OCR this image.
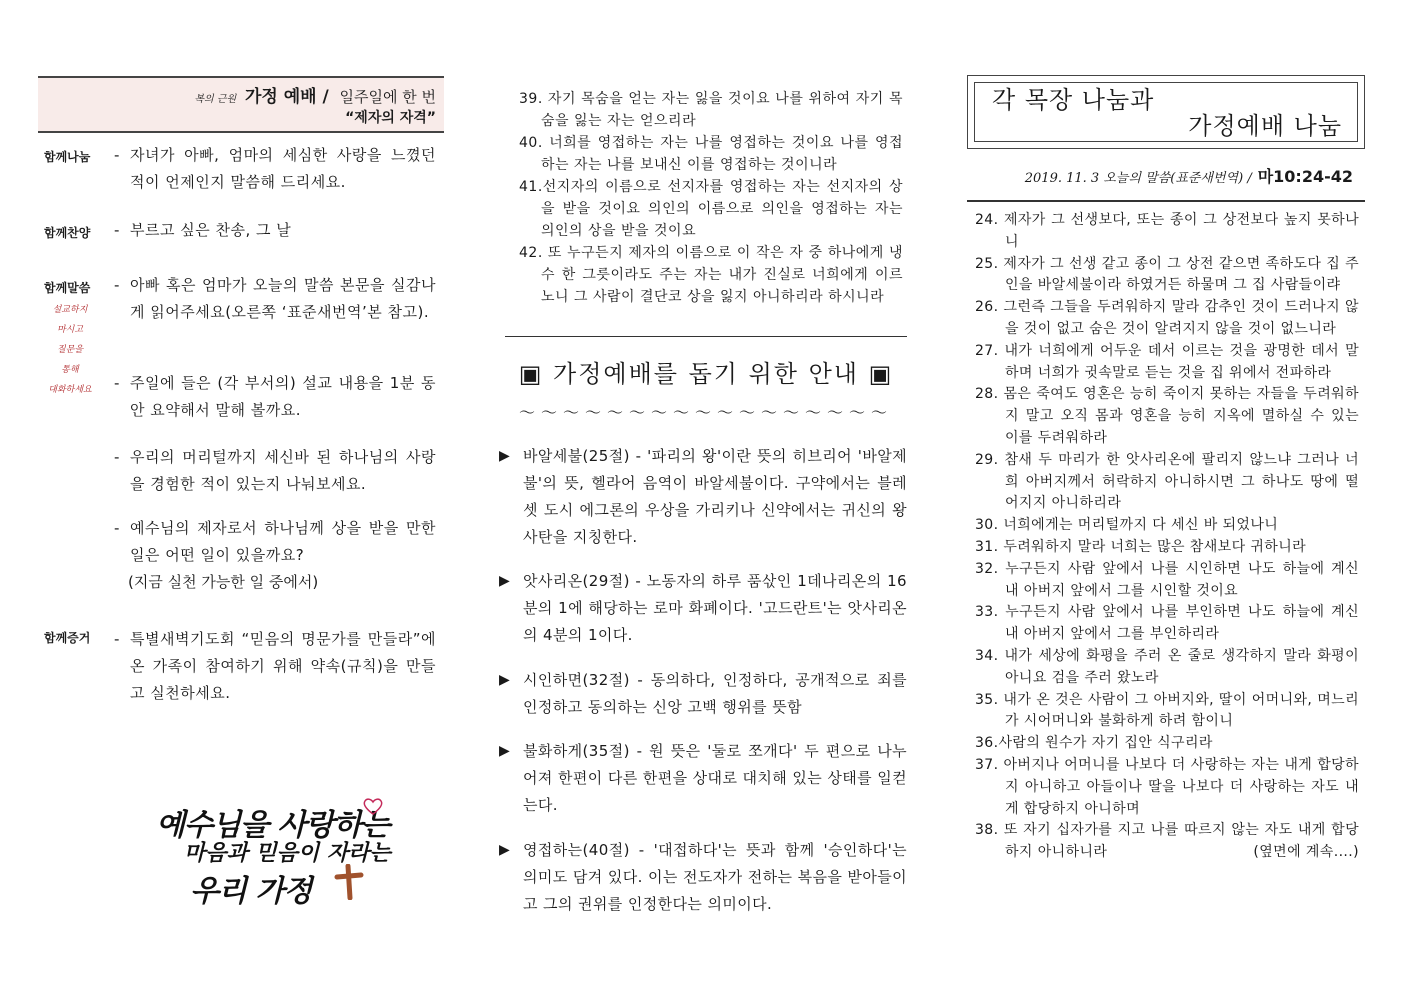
복의 근원 가정 예배 / 일주일에 한 번
“제자의 자격”
함께나눔 - 자녀가 아빠, 엄마의 세심한 사랑을 느꼈던 적이 언제인지 말씀해 드리세요.
함께찬양 - 부르고 싶은 찬송, 그 날
함께말씀
설교하지
마시고
질문을
통해
대화하세요
- 아빠 혹은 엄마가 오늘의 말씀 본문을 실감나게 읽어주세요(오른쪽 ‘표준새번역’본 참고).
- 주일에 들은 (각 부서의) 설교 내용을 1분 동안 요약해서 말해 볼까요.
- 우리의 머리털까지 세신바 된 하나님의 사랑을 경험한 적이 있는지 나눠보세요.
- 예수님의 제자로서 하나님께 상을 받을 만한 일은 어떤 일이 있을까요?
(지금 실천 가능한 일 중에서)
함께증거 - 특별새벽기도회 “믿음의 명문가를 만들라”에 온 가족이 참여하기 위해 약속(규칙)을 만들고 실천하세요.
예수님을 사랑하는
마음과 믿음이 자라는
우리 가정

39. 자기 목숨을 얻는 자는 잃을 것이요 나를 위하여 자기 목숨을 잃는 자는 얻으리라

40. 너희를 영접하는 자는 나를 영접하는 것이요 나를 영접하는 자는 나를 보내신 이를 영접하는 것이니라

41.선지자의 이름으로 선지자를 영접하는 자는 선지자의 상을 받을 것이요 의인의 이름으로 의인을 영접하는 자는 의인의 상을 받을 것이요

42. 또 누구든지 제자의 이름으로 이 작은 자 중 하나에게 냉수 한 그릇이라도 주는 자는 내가 진실로 너희에게 이르노니 그 사람이 결단코 상을 잃지 아니하리라 하시니라

▣ 가정예배를 돕기 위한 안내 ▣
～～～～～～～～～～～～～～～～～
▶ 바알세불(25절) - '파리의 왕'이란 뜻의 히브리어 '바알제불'의 뜻, 헬라어 음역이 바알세불이다. 구약에서는 블레셋 도시 에그론의 우상을 가리키나 신약에서는 귀신의 왕 사탄을 지칭한다.
▶ 앗사리온(29절) - 노동자의 하루 품삯인 1데나리온의 16분의 1에 해당하는 로마 화폐이다. '고드란트'는 앗사리온의 4분의 1이다.
▶ 시인하면(32절) - 동의하다, 인정하다, 공개적으로 죄를 인정하고 동의하는 신앙 고백 행위를 뜻함
▶ 불화하게(35절) - 원 뜻은 '둘로 쪼개다' 두 편으로 나누어져 한편이 다른 한편을 상대로 대치해 있는 상태를 일컫는다.
▶ 영접하는(40절) - '대접하다'는 뜻과 함께 '승인하다'는 의미도 담겨 있다. 이는 전도자가 전하는 복음을 받아들이고 그의 권위를 인정한다는 의미이다.
각 목장 나눔과
가정예배 나눔
2019. 11. 3 오늘의 말씀(표준새번역) / 마10:24-42

24. 제자가 그 선생보다, 또는 종이 그 상전보다 높지 못하나니

25. 제자가 그 선생 같고 종이 그 상전 같으면 족하도다 집 주인을 바알세불이라 하였거든 하물며 그 집 사람들이랴

26. 그런즉 그들을 두려워하지 말라 감추인 것이 드러나지 않을 것이 없고 숨은 것이 알려지지 않을 것이 없느니라

27. 내가 너희에게 어두운 데서 이르는 것을 광명한 데서 말하며 너희가 귓속말로 듣는 것을 집 위에서 전파하라

28. 몸은 죽여도 영혼은 능히 죽이지 못하는 자들을 두려워하지 말고 오직 몸과 영혼을 능히 지옥에 멸하실 수 있는 이를 두려워하라

29. 참새 두 마리가 한 앗사리온에 팔리지 않느냐 그러나 너희 아버지께서 허락하지 아니하시면 그 하나도 땅에 떨어지지 아니하리라

30. 너희에게는 머리털까지 다 세신 바 되었나니

31. 두려워하지 말라 너희는 많은 참새보다 귀하니라

32. 누구든지 사람 앞에서 나를 시인하면 나도 하늘에 계신 내 아버지 앞에서 그를 시인할 것이요

33. 누구든지 사람 앞에서 나를 부인하면 나도 하늘에 계신 내 아버지 앞에서 그를 부인하리라

34. 내가 세상에 화평을 주러 온 줄로 생각하지 말라 화평이 아니요 검을 주러 왔노라

35. 내가 온 것은 사람이 그 아버지와, 딸이 어머니와, 며느리가 시어머니와 불화하게 하려 함이니

36.사람의 원수가 자기 집안 식구리라

37. 아버지나 어머니를 나보다 더 사랑하는 자는 내게 합당하지 아니하고 아들이나 딸을 나보다 더 사랑하는 자도 내게 합당하지 아니하며

38. 또 자기 십자가를 지고 나를 따르지 않는 자도 내게 합당하지 아니하니라	(옆면에 계속....)
